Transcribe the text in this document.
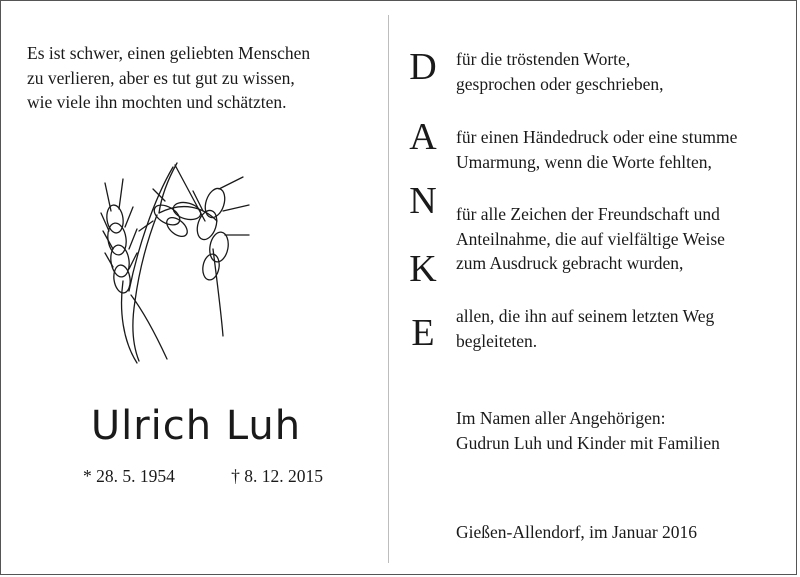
Es ist schwer, einen geliebten Menschen
zu verlieren, aber es tut gut zu wissen,
wie viele ihn mochten und schätzten.

Ulrich Luh
* 28. 5. 1954	† 8. 12. 2015
D
A
N
K
E

für die tröstenden Worte,
gesprochen oder geschrieben,

für einen Händedruck oder eine stumme
Umarmung, wenn die Worte fehlten,

für alle Zeichen der Freundschaft und
Anteilnahme, die auf vielfältige Weise
zum Ausdruck gebracht wurden,

allen, die ihn auf seinem letzten Weg
begleiteten.

Im Namen aller Angehörigen:
Gudrun Luh und Kinder mit Familien

Gießen-Allendorf, im Januar 2016
